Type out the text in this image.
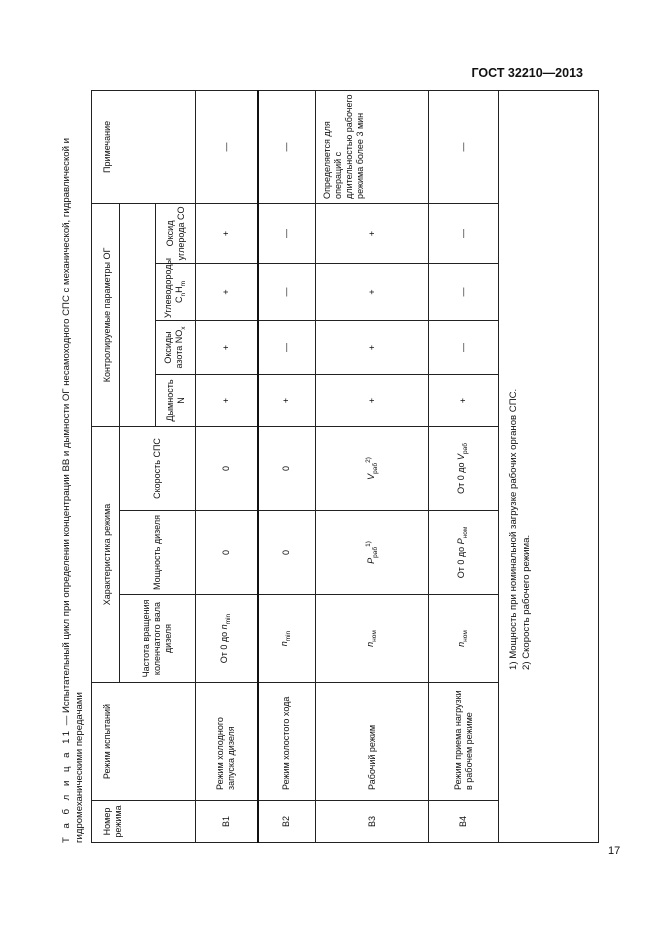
ГОСТ 32210—2013
Т а б л и ц а 11 — Испытательный цикл при определении концентрации ВВ и дымности ОГ несамоходного СПС с механической, гидравлической и гидромеханическими передачами Номер режима	Режим испытаний	Характеристика режима			Контролируемые параметры ОГ				Примечание
		Частота вращения коленчатого вала дизеля	Мощность дизеля	Скорость СПС					
					Дымность N	Оксиды азота $NO_x$	Углеводороды $C_nH_m$	Оксид углерода CO	
В1	Режим холодного запуска дизеля	От 0 до $n_{min}$	0	0	+	+	+	+	—
В2	Режим холостого хода	$n_{min}$	0	0	+	—	—	—	—
В3	Рабочий режим	$n_{ном}$	$P_{раб}^{1)}$	$V_{раб}^{2)}$	+	+	+	+	Определяется для операций с длительностью рабочего режима более 3 мин
В4	Режим приема нагрузки в рабочем режиме	$n_{ном}$	От 0 до $P_{ном}$	От 0 до $V_{раб}$	+	—	—	—	—

1) Мощность при номинальной загрузке рабочих органов СПС. 2) Скорость рабочего режима.									
17
